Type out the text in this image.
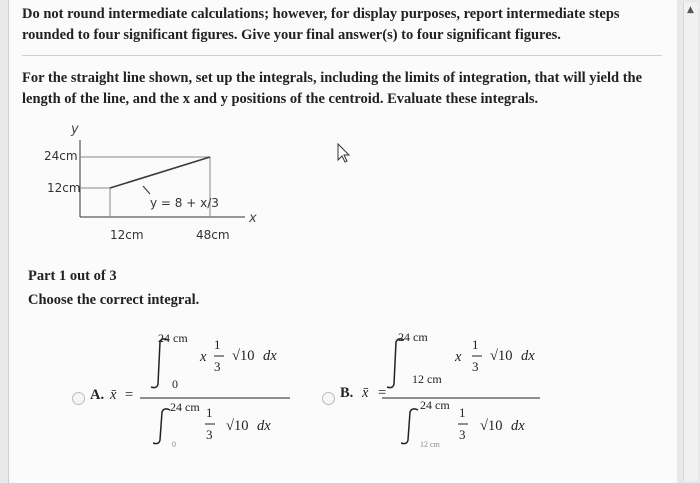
▲
Do not round intermediate calculations; however, for display purposes, report intermediate steps rounded to four significant figures. Give your final answer(s) to four significant figures.
For the straight line shown, set up the integrals, including the limits of integration, that will yield the length of the line, and the x and y positions of the centroid. Evaluate these integrals.
y
x
24cm
12cm
y = 8 + x/3
12cm	48cm
Part 1 out of 3
Choose the correct integral.
A. x̄ =
24 cm
0
x
1
3
√10 dx
24 cm
0
1
3
√10 dx
B. x̄ =
24 cm
12 cm
x
1
3
√10 dx
24 cm
12 cm
1
3
√10 dx
